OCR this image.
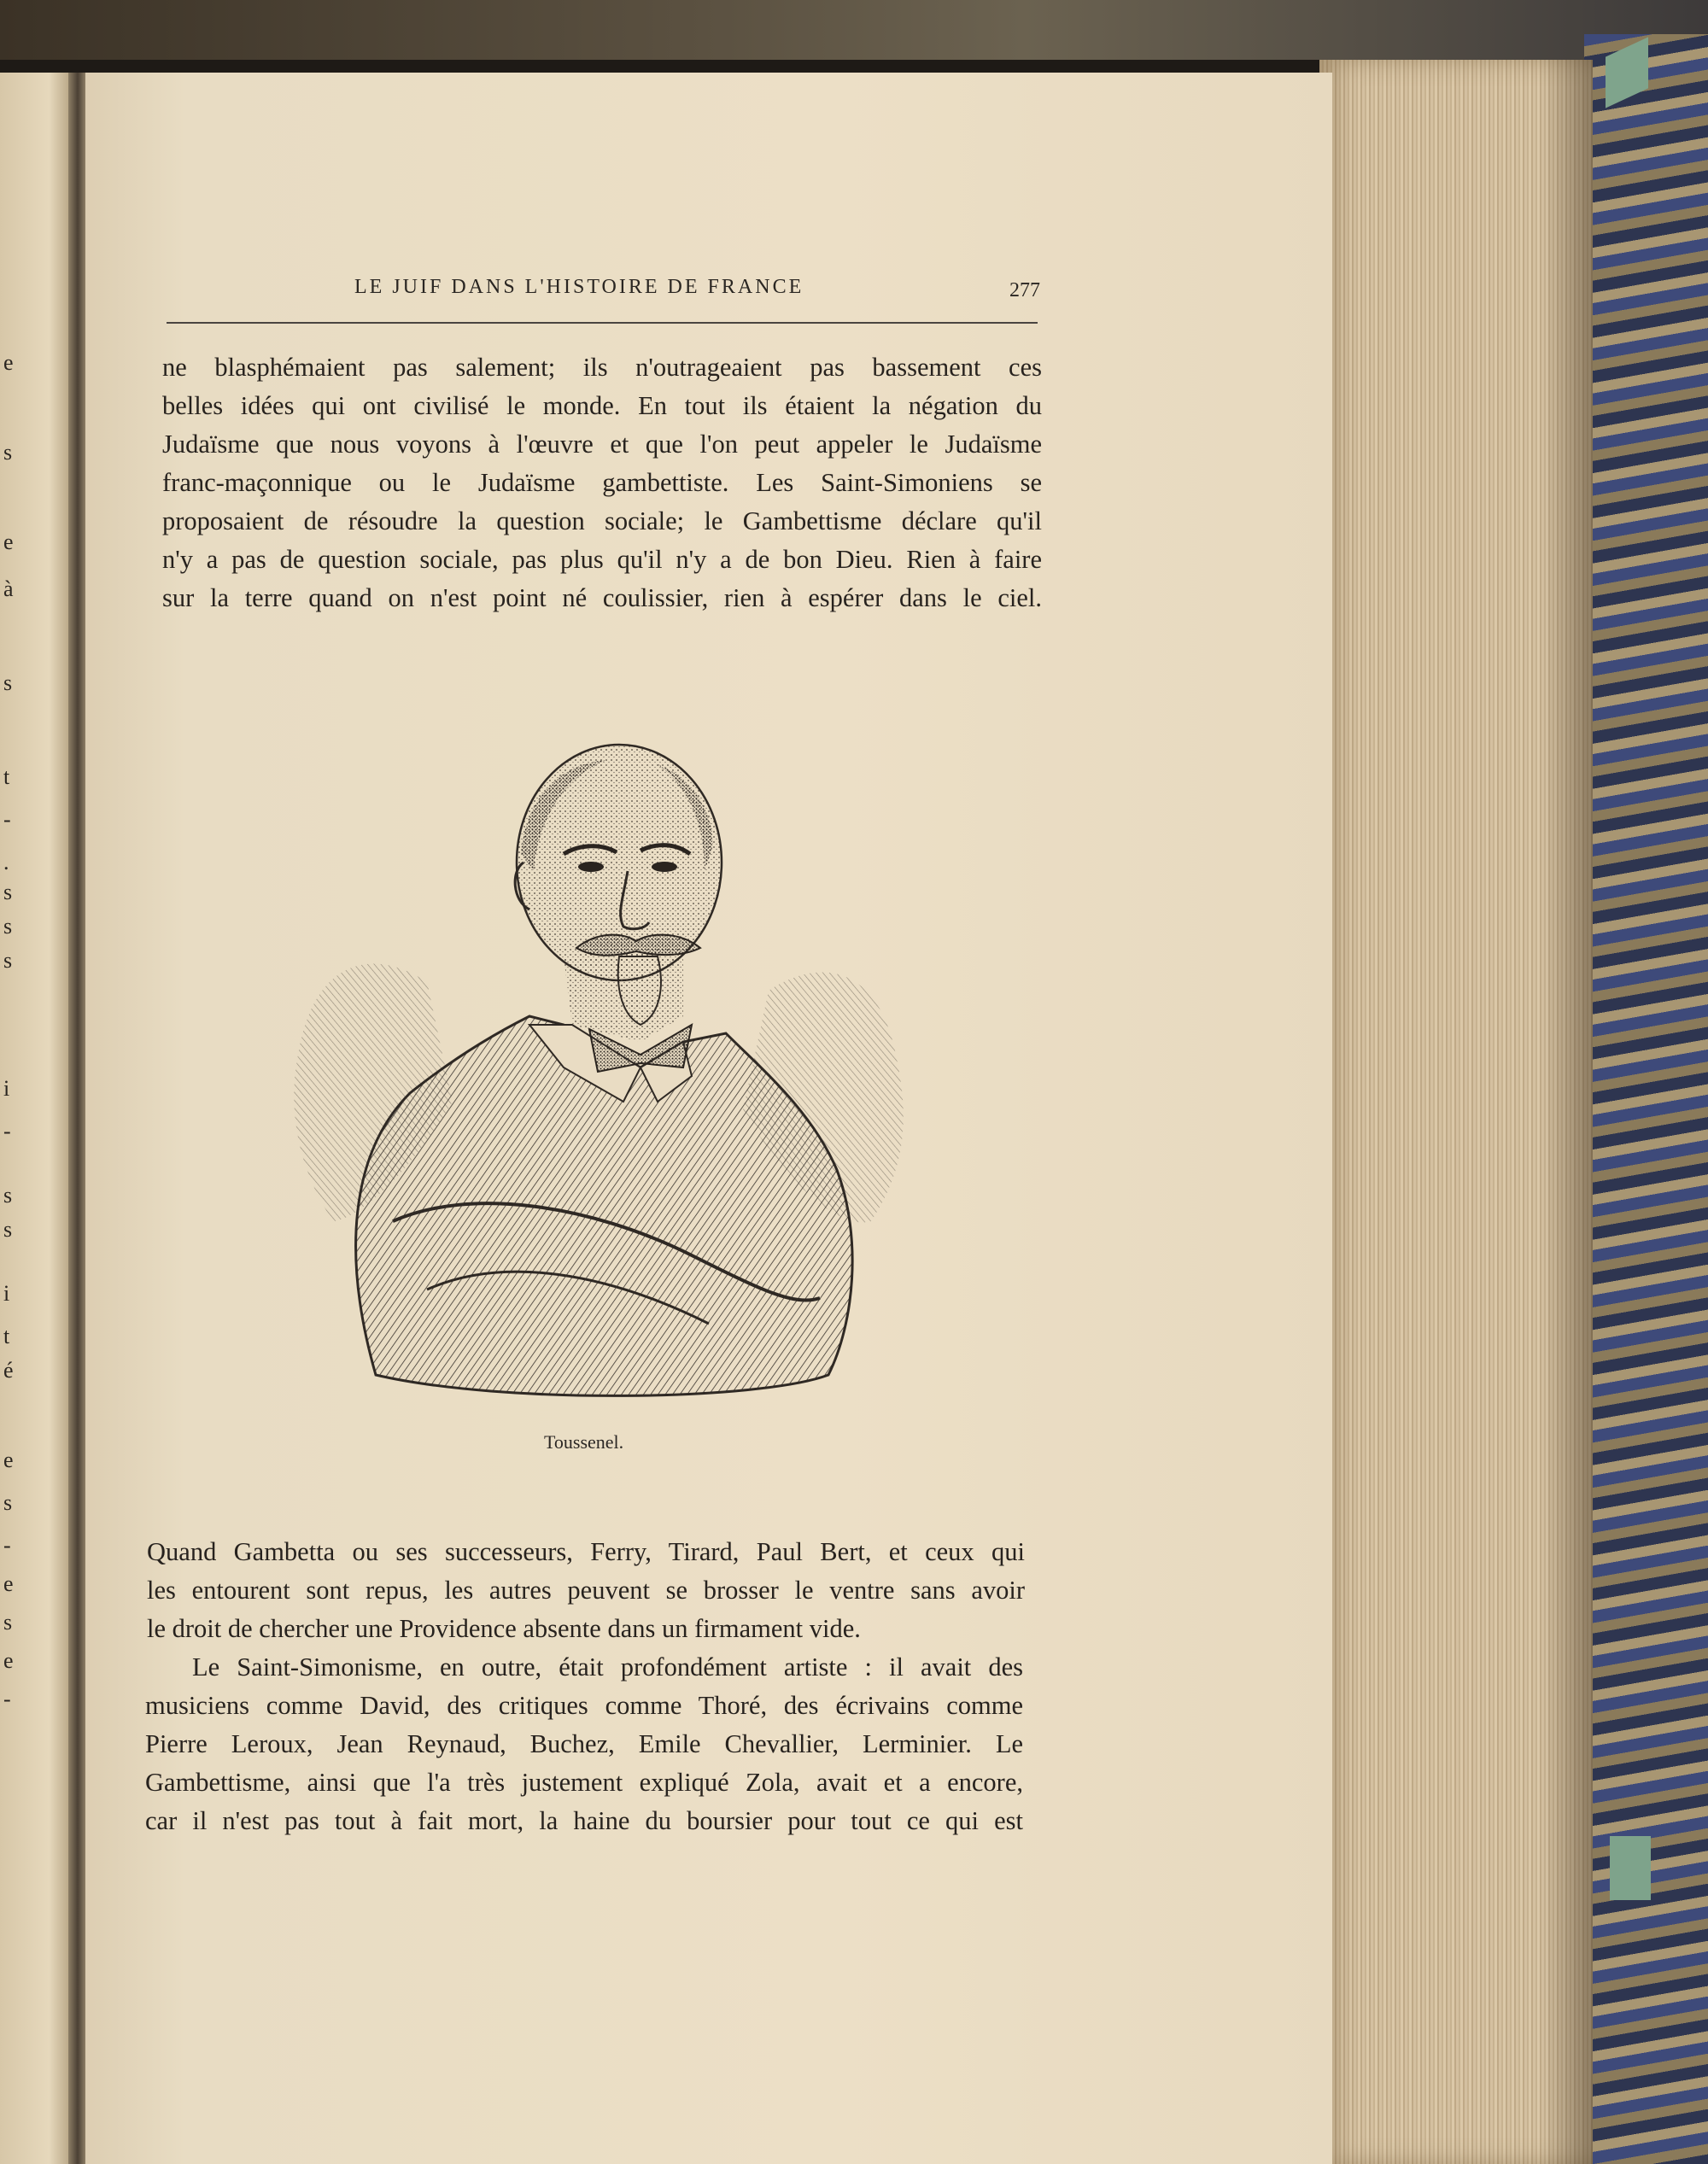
e
s
e
à
s
t
-
.
s
s
s
i
-
s
s
i
t
é
e
s
-
e
s
e
-
LE JUIF DANS L'HISTOIRE DE FRANCE	277
ne blasphémaient pas salement; ils n'outrageaient pas bassement ces
belles idées qui ont civilisé le monde. En tout ils étaient la négation du
Judaïsme que nous voyons à l'œuvre et que l'on peut appeler le Judaïsme
franc-maçonnique ou le Judaïsme gambettiste. Les Saint-Simoniens se
proposaient de résoudre la question sociale; le Gambettisme déclare qu'il
n'y a pas de question sociale, pas plus qu'il n'y a de bon Dieu. Rien à faire
sur la terre quand on n'est point né coulissier, rien à espérer dans le ciel.
Toussenel.
Quand Gambetta ou ses successeurs, Ferry, Tirard, Paul Bert, et ceux qui
les entourent sont repus, les autres peuvent se brosser le ventre sans avoir
le droit de chercher une Providence absente dans un firmament vide.
Le Saint-Simonisme, en outre, était profondément artiste : il avait des
musiciens comme David, des critiques comme Thoré, des écrivains comme
Pierre Leroux, Jean Reynaud, Buchez, Emile Chevallier, Lerminier. Le
Gambettisme, ainsi que l'a très justement expliqué Zola, avait et a encore,
car il n'est pas tout à fait mort, la haine du boursier pour tout ce qui est
